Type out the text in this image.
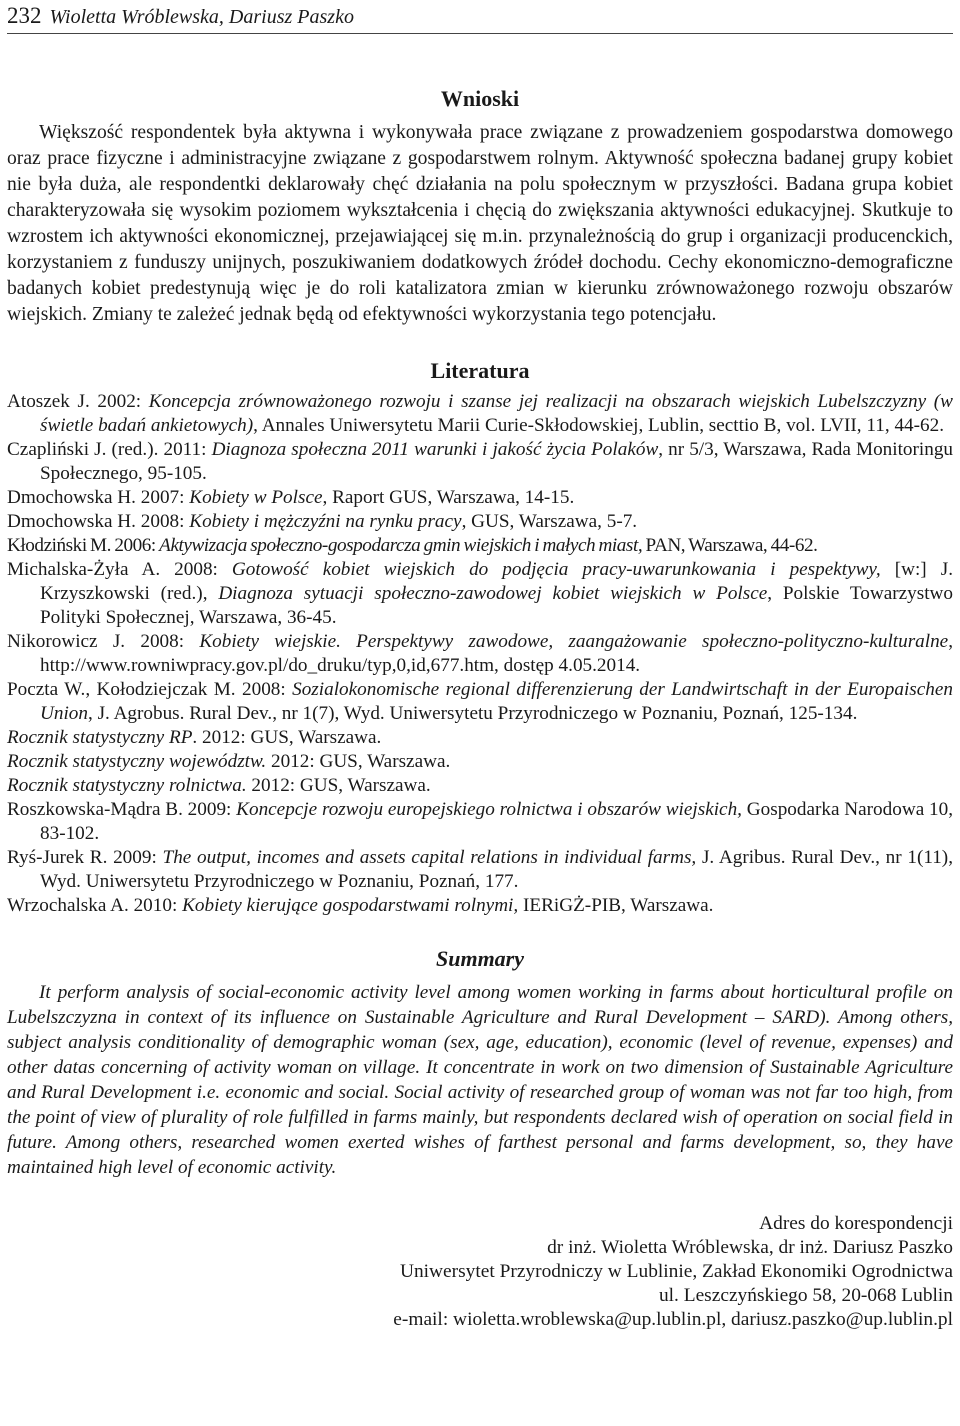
232 Wioletta Wróblewska, Dariusz Paszko
Wnioski

Większość respondentek była aktywna i wykonywała prace związane z prowadzeniem gospodarstwa domowego oraz prace fizyczne i administracyjne związane z gospodarstwem rolnym. Aktywność społeczna badanej grupy kobiet nie była duża, ale respondentki deklarowały chęć działania na polu społecznym w przyszłości. Badana grupa kobiet charakteryzowała się wysokim poziomem wykształcenia i chęcią do zwiększania aktywności edukacyjnej. Skutkuje to wzrostem ich aktywności ekonomicznej, przejawiającej się m.in. przynależnością do grup i organizacji producenckich, korzystaniem z funduszy unijnych, poszukiwaniem dodatkowych źródeł dochodu. Cechy ekonomiczno-demograficzne badanych kobiet predestynują więc je do roli katalizatora zmian w kierunku zrównoważonego rozwoju obszarów wiejskich. Zmiany te zależeć jednak będą od efektywności wykorzystania tego potencjału.

Literatura
Atoszek J. 2002: Koncepcja zrównoważonego rozwoju i szanse jej realizacji na obszarach wiejskich Lubelszczyzny (w świetle badań ankietowych), Annales Uniwersytetu Marii Curie-Skłodowskiej, Lublin, secttio B, vol. LVII, 11, 44-62.
Czapliński J. (red.). 2011: Diagnoza społeczna 2011 warunki i jakość życia Polaków, nr 5/3, Warszawa, Rada Monitoringu Społecznego, 95-105.
Dmochowska H. 2007: Kobiety w Polsce, Raport GUS, Warszawa, 14-15.
Dmochowska H. 2008: Kobiety i mężczyźni na rynku pracy, GUS, Warszawa, 5-7.
Kłodziński M. 2006: Aktywizacja społeczno-gospodarcza gmin wiejskich i małych miast, PAN, Warszawa, 44-62.
Michalska-Żyła A. 2008: Gotowość kobiet wiejskich do podjęcia pracy-uwarunkowania i pespektywy, [w:] J. Krzyszkowski (red.), Diagnoza sytuacji społeczno-zawodowej kobiet wiejskich w Polsce, Polskie Towarzystwo Polityki Społecznej, Warszawa, 36-45.
Nikorowicz J. 2008: Kobiety wiejskie. Perspektywy zawodowe, zaangażowanie społeczno-polityczno-kulturalne, http://www.rowniwpracy.gov.pl/do_druku/typ,0,id,677.htm, dostęp 4.05.2014.
Poczta W., Kołodziejczak M. 2008: Sozialokonomische regional differenzierung der Landwirtschaft in der Europaischen Union, J. Agrobus. Rural Dev., nr 1(7), Wyd. Uniwersytetu Przyrodniczego w Poznaniu, Poznań, 125-134.
Rocznik statystyczny RP. 2012: GUS, Warszawa.
Rocznik statystyczny województw. 2012: GUS, Warszawa.
Rocznik statystyczny rolnictwa. 2012: GUS, Warszawa.
Roszkowska-Mądra B. 2009: Koncepcje rozwoju europejskiego rolnictwa i obszarów wiejskich, Gospodarka Narodowa 10, 83-102.
Ryś-Jurek R. 2009: The output, incomes and assets capital relations in individual farms, J. Agribus. Rural Dev., nr 1(11), Wyd. Uniwersytetu Przyrodniczego w Poznaniu, Poznań, 177.
Wrzochalska A. 2010: Kobiety kierujące gospodarstwami rolnymi, IERiGŻ-PIB, Warszawa.
Summary

It perform analysis of social-economic activity level among women working in farms about horticultural profile on Lubelszczyzna in context of its influence on Sustainable Agriculture and Rural Development – SARD). Among others, subject analysis conditionality of demographic woman (sex, age, education), economic (level of revenue, expenses) and other datas concerning of activity woman on village. It concentrate in work on two dimension of Sustainable Agriculture and Rural Development i.e. economic and social. Social activity of researched group of woman was not far too high, from the point of view of plurality of role fulfilled in farms mainly, but respondents declared wish of operation on social field in future. Among others, researched women exerted wishes of farthest personal and farms development, so, they have maintained high level of economic activity.

Adres do korespondencji
dr inż. Wioletta Wróblewska, dr inż. Dariusz Paszko
Uniwersytet Przyrodniczy w Lublinie, Zakład Ekonomiki Ogrodnictwa
ul. Leszczyńskiego 58, 20-068 Lublin
e-mail: wioletta.wroblewska@up.lublin.pl, dariusz.paszko@up.lublin.pl
